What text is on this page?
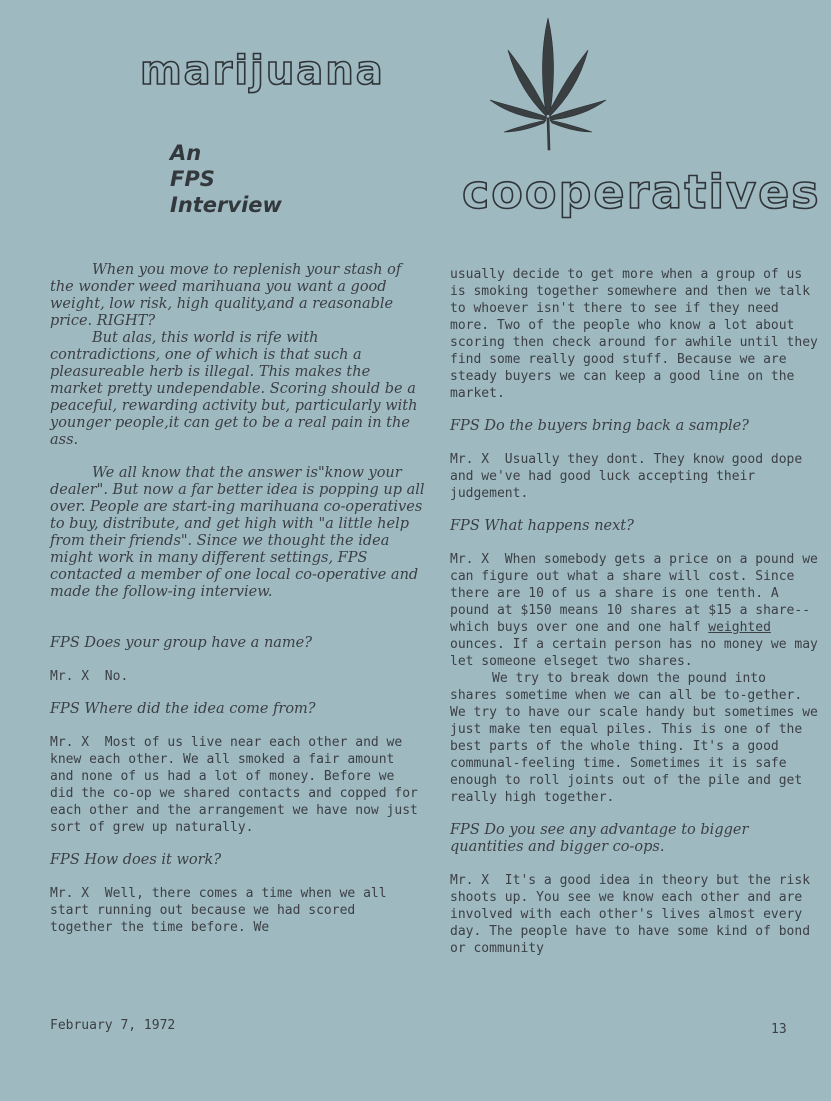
marijuana
An
FPS
Interview	cooperatives

When you move to replenish your stash of the wonder weed marihuana you want a good weight, low risk, high quality,and a reasonable price. RIGHT?

But alas, this world is rife with contradictions, one of which is that such a pleasureable herb is illegal. This makes the market pretty undependable. Scoring should be a peaceful, rewarding activity but, particularly with younger people,it can get to be a real pain in the ass.

We all know that the answer is"know your dealer". But now a far better idea is popping up all over. People are start-ing marihuana co-operatives to buy, distribute, and get high with "a little help from their friends". Since we thought the idea might work in many different settings, FPS contacted a member of one local co-operative and made the follow-ing interview.

FPS Does your group have a name?

Mr. X  No.

FPS Where did the idea come from?

Mr. X  Most of us live near each other and we knew each other. We all smoked a fair amount and none of us had a lot of money. Before we did the co-op we shared contacts and copped for each other and the arrangement we have now just sort of grew up naturally.

FPS How does it work?

Mr. X  Well, there comes a time when we all start running out because we had scored together the time before. We

usually decide to get more when a group of us is smoking together somewhere and then we talk to whoever isn't there to see if they need more. Two of the people who know a lot about scoring then check around for awhile until they find some really good stuff. Because we are steady buyers we can keep a good line on the market.

FPS Do the buyers bring back a sample?

Mr. X  Usually they dont. They know good dope and we've had good luck accepting their judgement.

FPS What happens next?

Mr. X  When somebody gets a price on a pound we can figure out what a share will cost. Since there are 10 of us a share is one tenth. A pound at $150 means 10 shares at $15 a share-- which buys over one and one half weighted ounces. If a certain person has no money we may let someone elseget two shares.

We try to break down the pound into shares sometime when we can all be to-gether. We try to have our scale handy but sometimes we just make ten equal piles. This is one of the best parts of the whole thing. It's a good communal-feeling time. Sometimes it is safe enough to roll joints out of the pile and get really high together.

FPS Do you see any advantage to bigger quantities and bigger co-ops.

Mr. X  It's a good idea in theory but the risk shoots up. You see we know each other and are involved with each other's lives almost every day. The people have to have some kind of bond or community

February 7, 1972	13
